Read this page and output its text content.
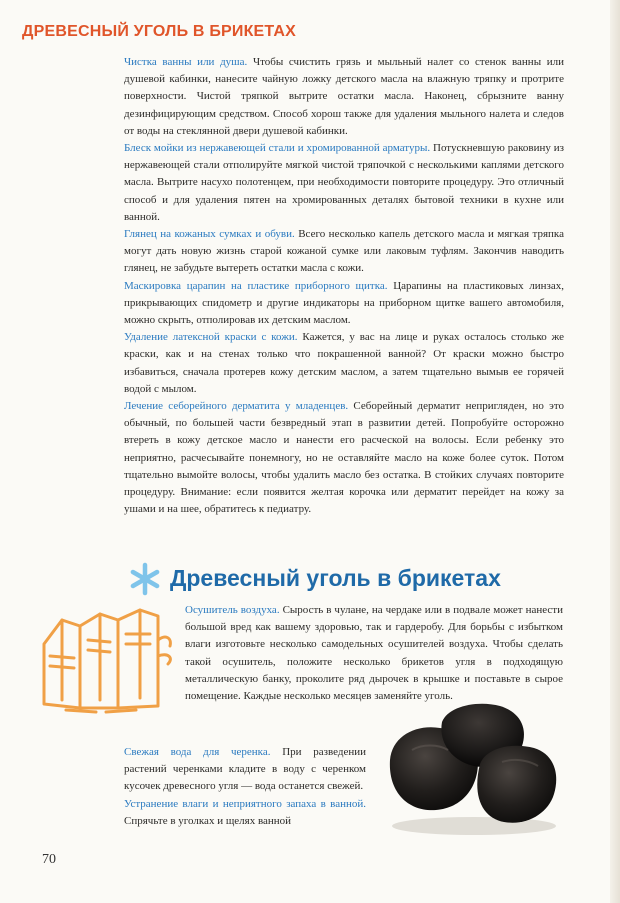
ДРЕВЕСНЫЙ УГОЛЬ В БРИКЕТАХ

Чистка ванны или душа. Чтобы счистить грязь и мыльный налет со стенок ванны или душевой кабинки, нанесите чайную ложку детского масла на влажную тряпку и протрите поверхности. Чистой тряпкой вытрите остатки масла. Наконец, сбрызните ванну дезинфицирующим средством. Способ хорош также для удаления мыльного налета и следов от воды на стеклянной двери душевой кабинки.

Блеск мойки из нержавеющей стали и хромированной арматуры. Потускневшую раковину из нержавеющей стали отполируйте мягкой чистой тряпочкой с несколькими каплями детского масла. Вытрите насухо полотенцем, при необходимости повторите процедуру. Это отличный способ и для удаления пятен на хромированных деталях бытовой техники в кухне или ванной.

Глянец на кожаных сумках и обуви. Всего несколько капель детского масла и мягкая тряпка могут дать новую жизнь старой кожаной сумке или лаковым туфлям. Закончив наводить глянец, не забудьте вытереть остатки масла с кожи.

Маскировка царапин на пластике приборного щитка. Царапины на пластиковых линзах, прикрывающих спидометр и другие индикаторы на приборном щитке вашего автомобиля, можно скрыть, отполировав их детским маслом.

Удаление латексной краски с кожи. Кажется, у вас на лице и руках осталось столько же краски, как и на стенах только что покрашенной ванной? От краски можно быстро избавиться, сначала протерев кожу детским маслом, а затем тщательно вымыв ее горячей водой с мылом.

Лечение себорейного дерматита у младенцев. Себорейный дерматит непригляден, но это обычный, по большей части безвредный этап в развитии детей. Попробуйте осторожно втереть в кожу детское масло и нанести его расческой на волосы. Если ребенку это неприятно, расчесывайте понемногу, но не оставляйте масло на коже более суток. Потом тщательно вымойте волосы, чтобы удалить масло без остатка. В стойких случаях повторите процедуру. Внимание: если появится желтая корочка или дерматит перейдет на кожу за ушами и на шее, обратитесь к педиатру.

Древесный уголь в брикетах

Осушитель воздуха. Сырость в чулане, на чердаке или в подвале может нанести большой вред как вашему здоровью, так и гардеробу. Для борьбы с избытком влаги изготовьте несколько самодельных осушителей воздуха. Чтобы сделать такой осушитель, положите несколько брикетов угля в подходящую металлическую банку, проколите ряд дырочек в крышке и поставьте в сырое помещение. Каждые несколько месяцев заменяйте уголь.

Свежая вода для черенка. При разведении растений черенками кладите в воду с черенком кусочек древесного угля — вода останется свежей.

Устранение влаги и неприятного запаха в ванной. Спрячьте в уголках и щелях ванной

70
